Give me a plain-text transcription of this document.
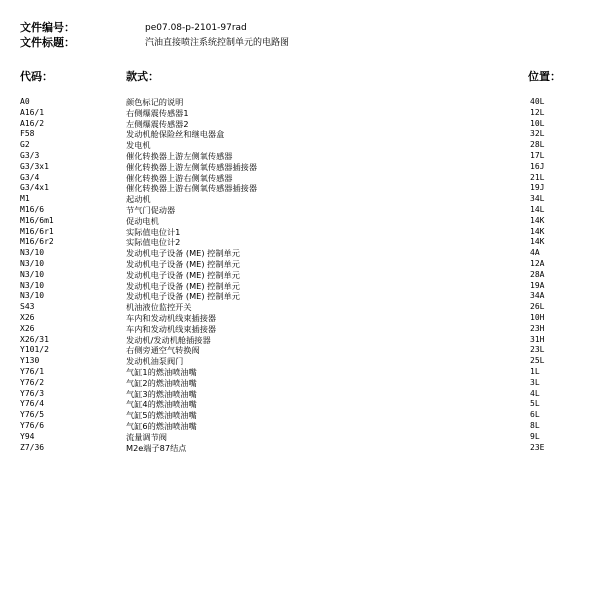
文件编号：	pe07.08-p-2101-97rad
文件标题：	汽油直接喷注系统控制单元的电路图
代码：	款式：	位置：
A0	颜色标记的说明	40L
A16/1	右侧爆震传感器1	12L
A16/2	左侧爆震传感器2	10L
F58	发动机舱保险丝和继电器盒	32L
G2	发电机	28L
G3/3	催化转换器上游左侧氧传感器	17L
G3/3x1	催化转换器上游左侧氧传感器插接器	16J
G3/4	催化转换器上游右侧氧传感器	21L
G3/4x1	催化转换器上游右侧氧传感器插接器	19J
M1	起动机	34L
M16/6	节气门促动器	14L
M16/6m1	促动电机	14K
M16/6r1	实际值电位计1	14K
M16/6r2	实际值电位计2	14K
N3/10	发动机电子设备 (ME) 控制单元	4A
N3/10	发动机电子设备 (ME) 控制单元	12A
N3/10	发动机电子设备 (ME) 控制单元	28A
N3/10	发动机电子设备 (ME) 控制单元	19A
N3/10	发动机电子设备 (ME) 控制单元	34A
S43	机油液位监控开关	26L
X26	车内和发动机线束插接器	10H
X26	车内和发动机线束插接器	23H
X26/31	发动机/发动机舱插接器	31H
Y101/2	右侧旁通空气转换阀	23L
Y130	发动机油泵阀门	25L
Y76/1	气缸1的燃油喷油嘴	1L
Y76/2	气缸2的燃油喷油嘴	3L
Y76/3	气缸3的燃油喷油嘴	4L
Y76/4	气缸4的燃油喷油嘴	5L
Y76/5	气缸5的燃油喷油嘴	6L
Y76/6	气缸6的燃油喷油嘴	8L
Y94	流量调节阀	9L
Z7/36	M2e端子87结点	23E
